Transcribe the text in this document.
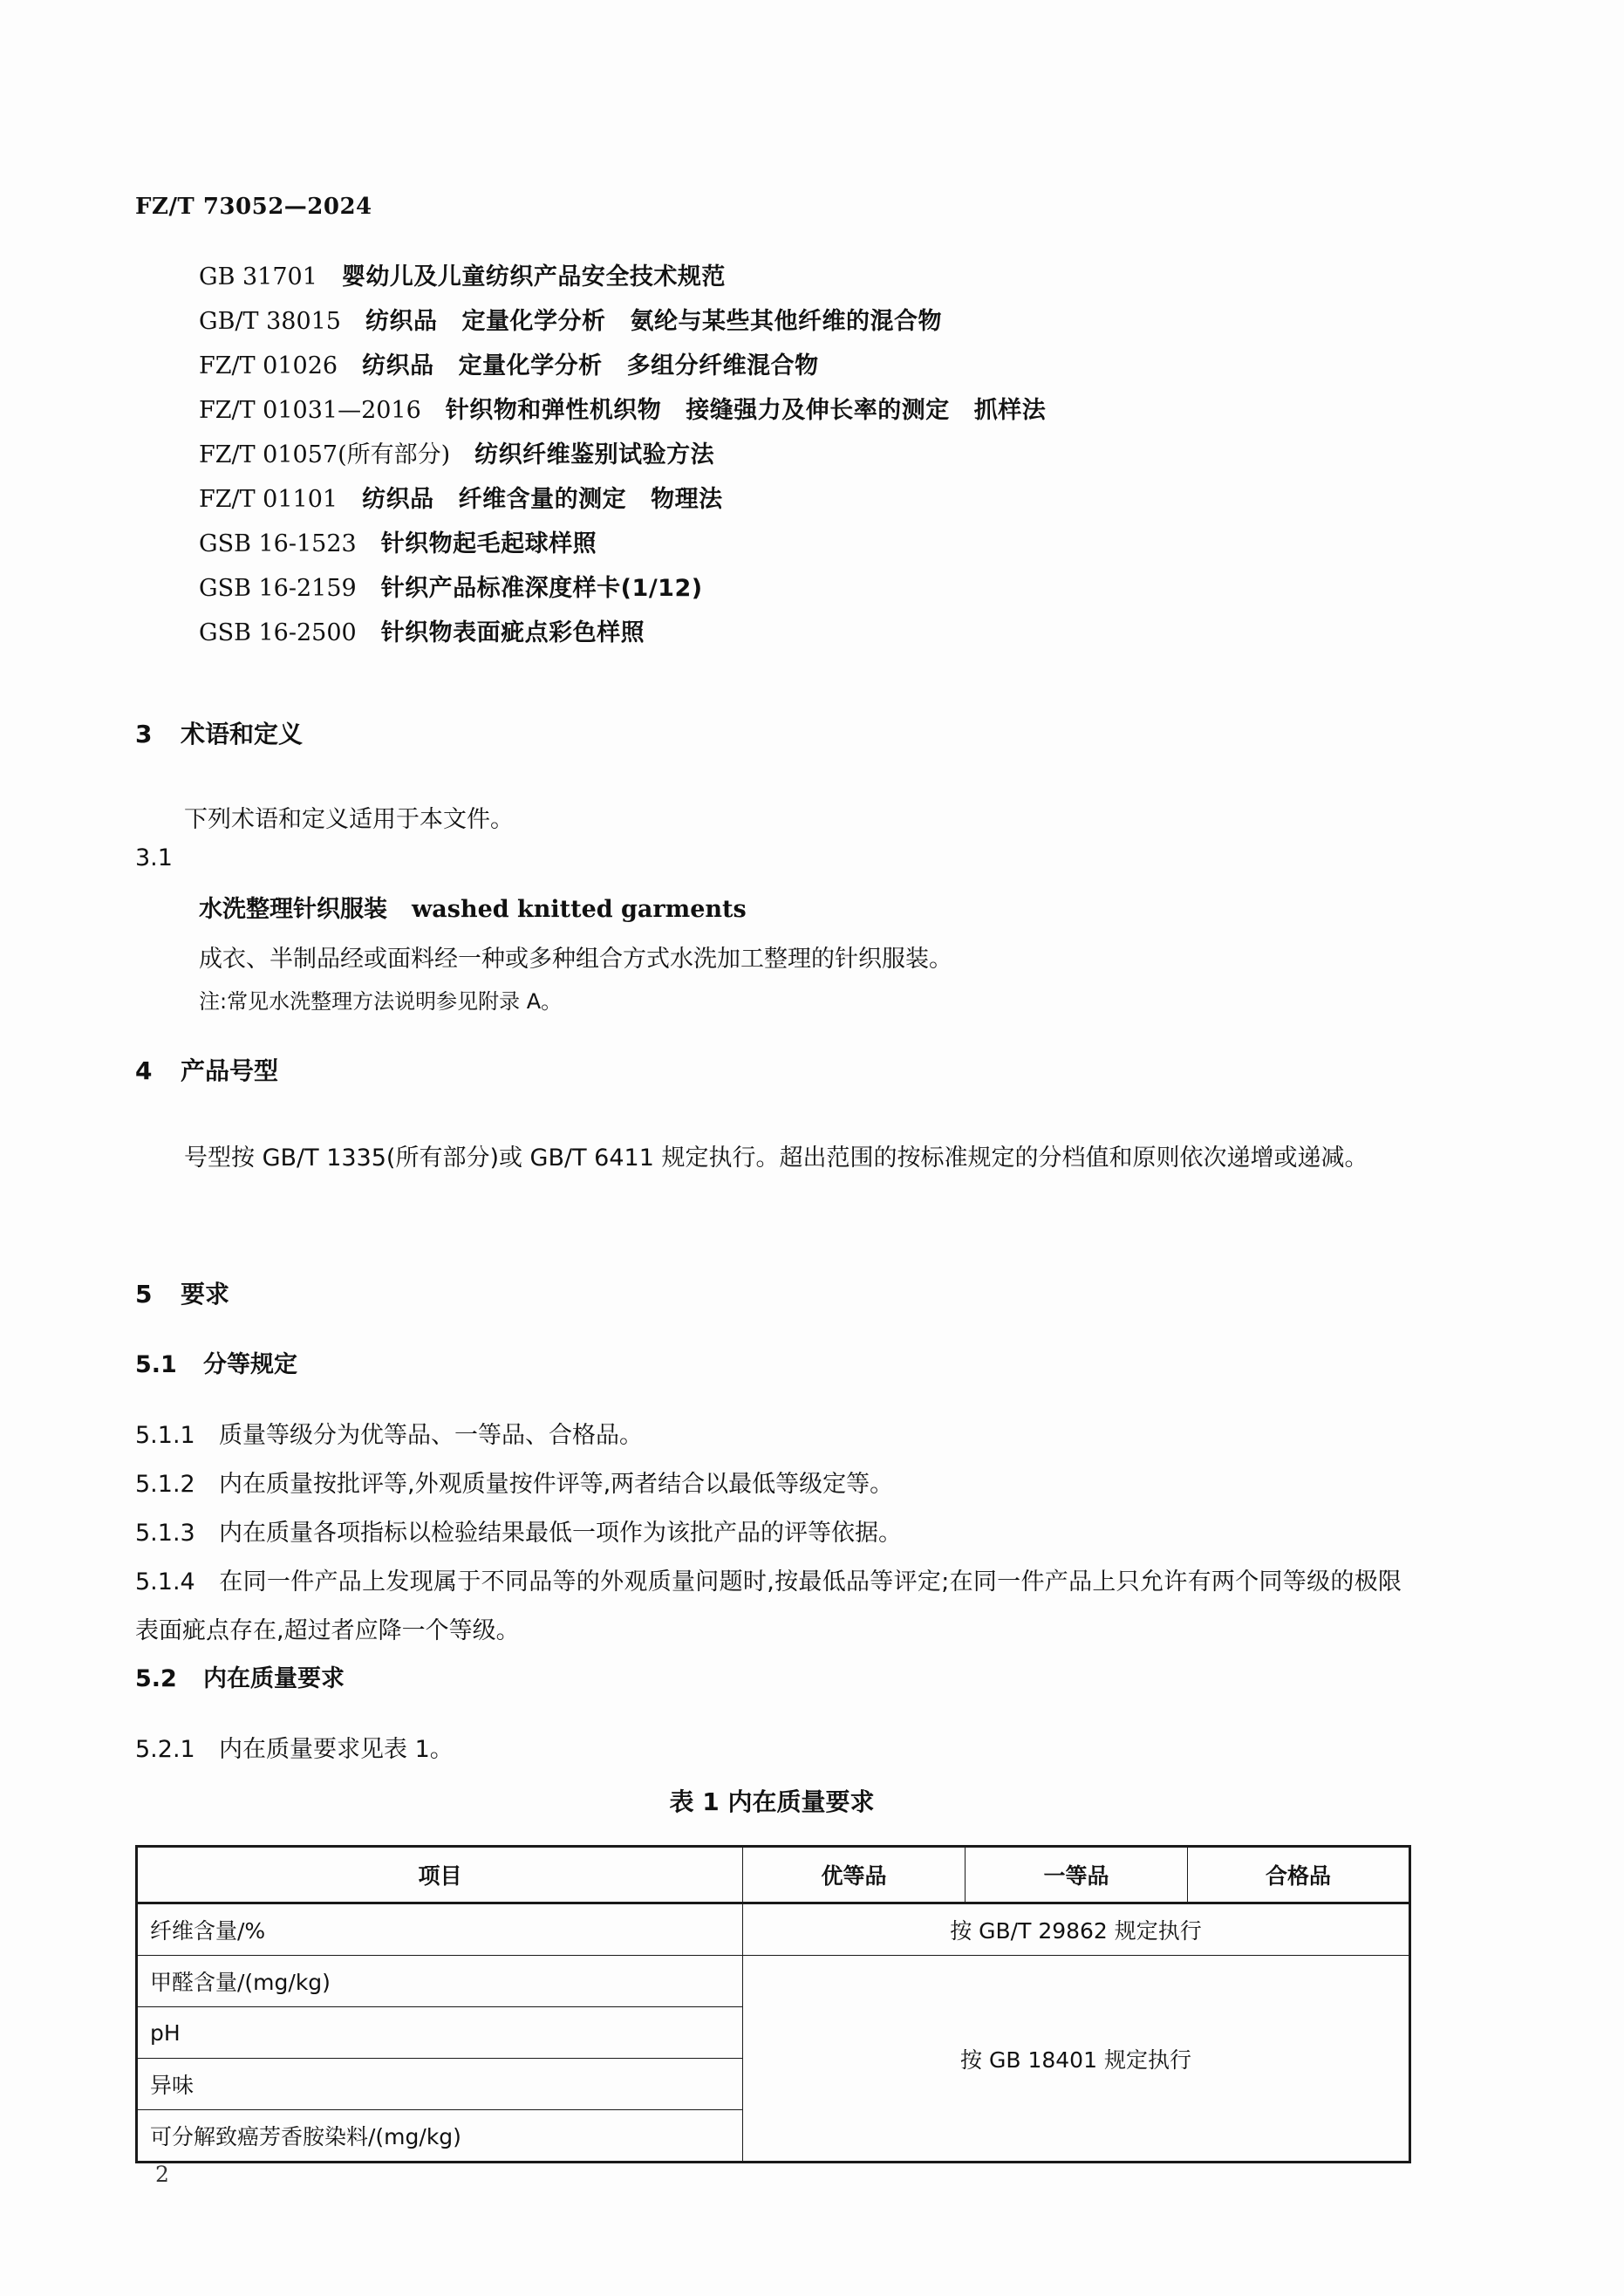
FZ/T 73052—2024
GB 31701 婴幼儿及儿童纺织产品安全技术规范
GB/T 38015 纺织品 定量化学分析 氨纶与某些其他纤维的混合物
FZ/T 01026 纺织品 定量化学分析 多组分纤维混合物
FZ/T 01031—2016 针织物和弹性机织物 接缝强力及伸长率的测定 抓样法
FZ/T 01057(所有部分) 纺织纤维鉴别试验方法
FZ/T 01101 纺织品 纤维含量的测定 物理法
GSB 16-1523 针织物起毛起球样照
GSB 16-2159 针织产品标准深度样卡(1/12)
GSB 16-2500 针织物表面疵点彩色样照
3 术语和定义
下列术语和定义适用于本文件。
3.1
水洗整理针织服装 washed knitted garments
成衣、半制品经或面料经一种或多种组合方式水洗加工整理的针织服装。
注:常见水洗整理方法说明参见附录 A。
4 产品号型
号型按 GB/T 1335(所有部分)或 GB/T 6411 规定执行。超出范围的按标准规定的分档值和原则依次递增或递减。
5 要求
5.1 分等规定
5.1.1 质量等级分为优等品、一等品、合格品。
5.1.2 内在质量按批评等,外观质量按件评等,两者结合以最低等级定等。
5.1.3 内在质量各项指标以检验结果最低一项作为该批产品的评等依据。
5.1.4 在同一件产品上发现属于不同品等的外观质量问题时,按最低品等评定;在同一件产品上只允许有两个同等级的极限表面疵点存在,超过者应降一个等级。
5.2 内在质量要求
5.2.1 内在质量要求见表 1。
表 1 内在质量要求
项目	优等品	一等品	合格品
纤维含量/%	按 GB/T 29862 规定执行		
甲醛含量/(mg/kg)	按 GB 18401 规定执行		
pH			
异味			
可分解致癌芳香胺染料/(mg/kg)			
2
